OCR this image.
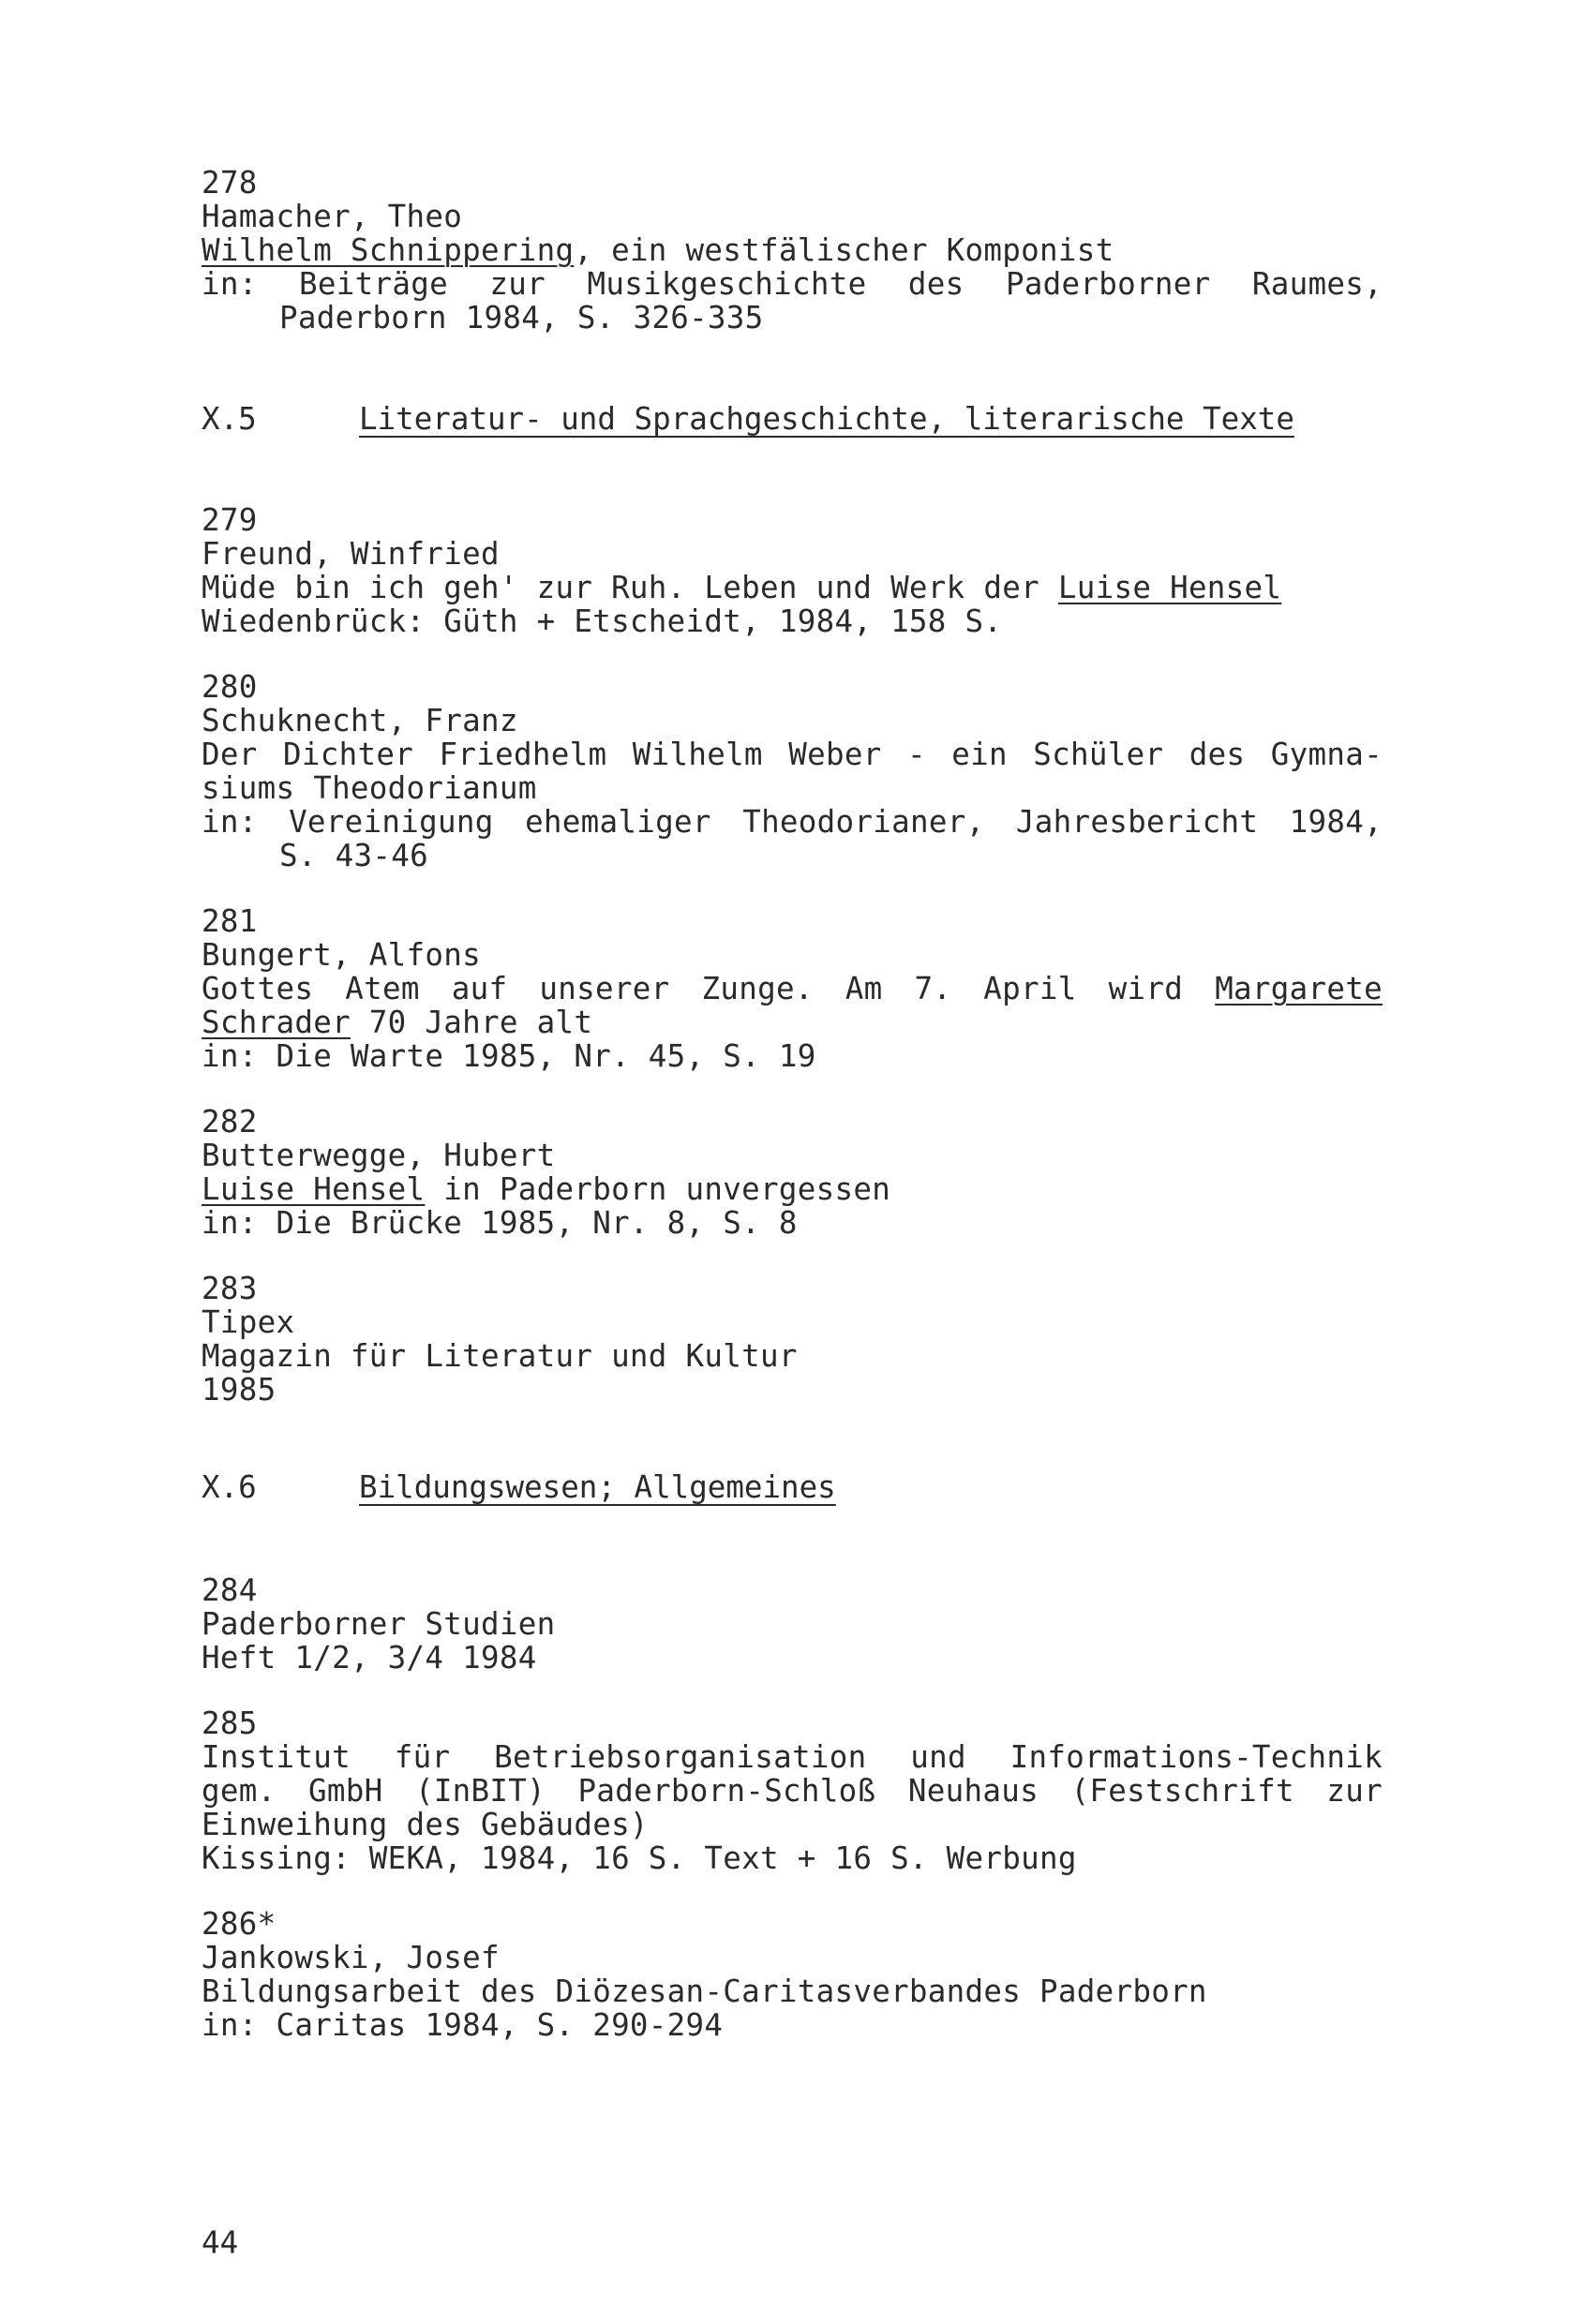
278
Hamacher, Theo
Wilhelm Schnippering, ein westfälischer Komponist
in: Beiträge zur Musikgeschichte des Paderborner Raumes,
Paderborn 1984, S. 326-335
X.5	Literatur- und Sprachgeschichte, literarische Texte
279
Freund, Winfried
Müde bin ich geh' zur Ruh. Leben und Werk der Luise Hensel
Wiedenbrück: Güth + Etscheidt, 1984, 158 S.
280
Schuknecht, Franz
Der Dichter Friedhelm Wilhelm Weber - ein Schüler des Gymna-
siums Theodorianum
in: Vereinigung ehemaliger Theodorianer, Jahresbericht 1984,
S. 43-46
281
Bungert, Alfons
Gottes Atem auf unserer Zunge. Am 7. April wird Margarete
Schrader 70 Jahre alt
in: Die Warte 1985, Nr. 45, S. 19
282
Butterwegge, Hubert
Luise Hensel in Paderborn unvergessen
in: Die Brücke 1985, Nr. 8, S. 8
283
Tipex
Magazin für Literatur und Kultur
1985
X.6	Bildungswesen; Allgemeines
284
Paderborner Studien
Heft 1/2, 3/4 1984
285
Institut für Betriebsorganisation und Informations-Technik
gem. GmbH (InBIT) Paderborn-Schloß Neuhaus (Festschrift zur
Einweihung des Gebäudes)
Kissing: WEKA, 1984, 16 S. Text + 16 S. Werbung
286*
Jankowski, Josef
Bildungsarbeit des Diözesan-Caritasverbandes Paderborn
in: Caritas 1984, S. 290-294
44
